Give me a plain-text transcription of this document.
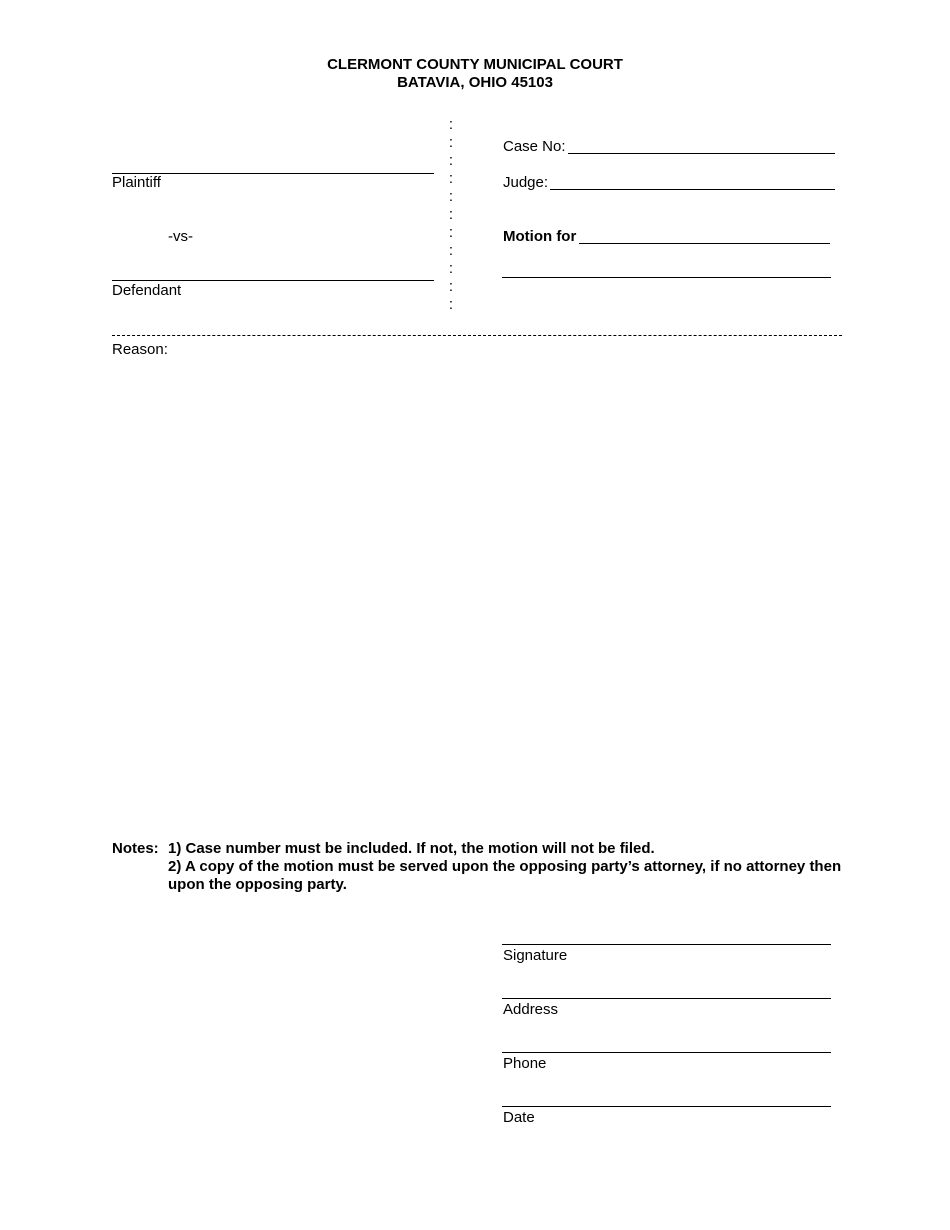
CLERMONT COUNTY MUNICIPAL COURT
BATAVIA, OHIO 45103
Plaintiff
-vs-
Defendant
:
:
:
:
:
:
:
:
:
:
:
Case No:
Judge:
Motion for
Reason:
Notes: 1) Case number must be included. If not, the motion will not be filed.
2) A copy of the motion must be served upon the opposing party’s attorney, if no attorney then upon the opposing party.
Signature
Address
Phone
Date
